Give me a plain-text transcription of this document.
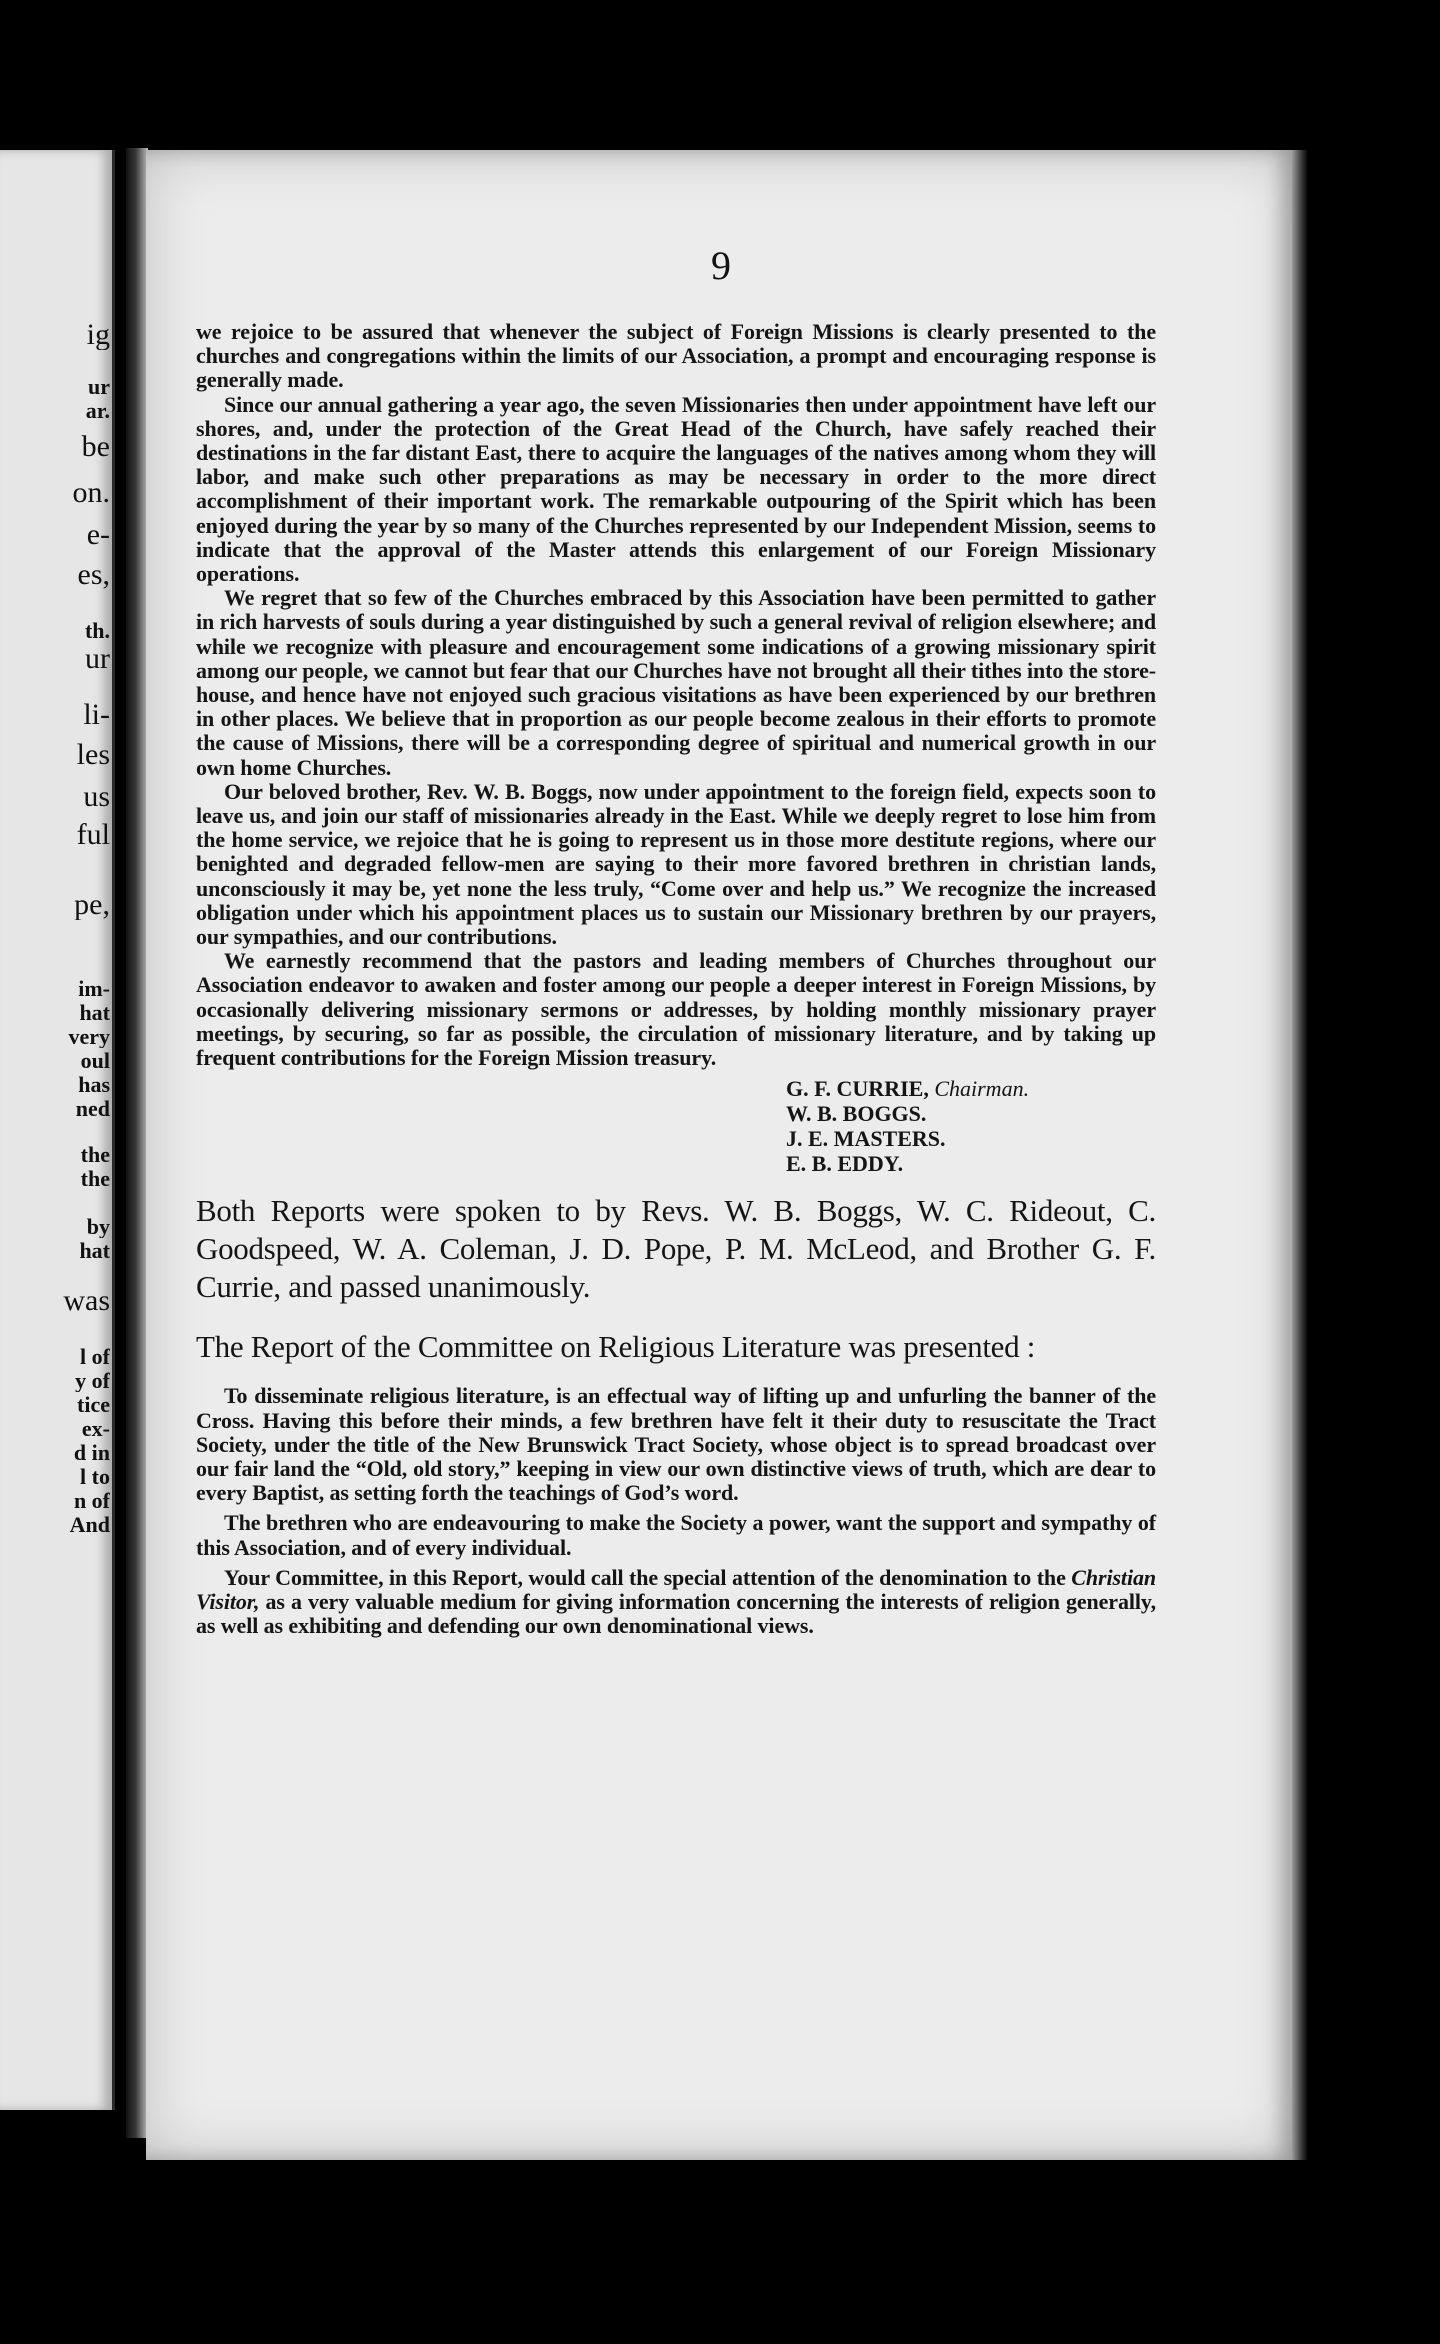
ig
ur
ar.
be
on.
e-
es,
th.
ur
li-
les
us
ful
pe,
im-
hat
very
oul
has
ned
the
the
by
hat
was
l of
y of
tice
ex-
d in
l to
n of
And
9

we rejoice to be assured that whenever the subject of Foreign Missions is clearly presented to the churches and congregations within the limits of our Association, a prompt and encouraging response is generally made.

Since our annual gathering a year ago, the seven Missionaries then under appointment have left our shores, and, under the protection of the Great Head of the Church, have safely reached their destinations in the far distant East, there to acquire the languages of the natives among whom they will labor, and make such other preparations as may be necessary in order to the more direct accomplishment of their important work. The remarkable outpouring of the Spirit which has been enjoyed during the year by so many of the Churches represented by our Independent Mission, seems to indicate that the approval of the Master attends this enlargement of our Foreign Missionary operations.

We regret that so few of the Churches embraced by this Association have been permitted to gather in rich harvests of souls during a year distinguished by such a general revival of religion elsewhere; and while we recognize with pleasure and encouragement some indications of a growing missionary spirit among our people, we cannot but fear that our Churches have not brought all their tithes into the store-house, and hence have not enjoyed such gracious visitations as have been experienced by our brethren in other places. We believe that in proportion as our people become zealous in their efforts to promote the cause of Missions, there will be a corresponding degree of spiritual and numerical growth in our own home Churches.

Our beloved brother, Rev. W. B. Boggs, now under appointment to the foreign field, expects soon to leave us, and join our staff of missionaries already in the East. While we deeply regret to lose him from the home service, we rejoice that he is going to represent us in those more destitute regions, where our benighted and degraded fellow-men are saying to their more favored brethren in christian lands, unconsciously it may be, yet none the less truly, “Come over and help us.” We recognize the increased obligation under which his appointment places us to sustain our Missionary brethren by our prayers, our sympathies, and our contributions.

We earnestly recommend that the pastors and leading members of Churches throughout our Association endeavor to awaken and foster among our people a deeper interest in Foreign Missions, by occasionally delivering missionary sermons or addresses, by holding monthly missionary prayer meetings, by securing, so far as possible, the circulation of missionary literature, and by taking up frequent contributions for the Foreign Mission treasury.

G. F. CURRIE, Chairman.
W. B. BOGGS.
J. E. MASTERS.
E. B. EDDY.

Both Reports were spoken to by Revs. W. B. Boggs, W. C. Rideout, C. Goodspeed, W. A. Coleman, J. D. Pope, P. M. McLeod, and Brother G. F. Currie, and passed unanimously.

The Report of the Committee on Religious Literature was presented :

To disseminate religious literature, is an effectual way of lifting up and unfurling the banner of the Cross. Having this before their minds, a few brethren have felt it their duty to resuscitate the Tract Society, under the title of the New Brunswick Tract Society, whose object is to spread broadcast over our fair land the “Old, old story,” keeping in view our own distinctive views of truth, which are dear to every Baptist, as setting forth the teachings of God’s word.

The brethren who are endeavouring to make the Society a power, want the support and sympathy of this Association, and of every individual.

Your Committee, in this Report, would call the special attention of the denomination to the Christian Visitor, as a very valuable medium for giving information concerning the interests of religion generally, as well as exhibiting and defending our own denominational views.
